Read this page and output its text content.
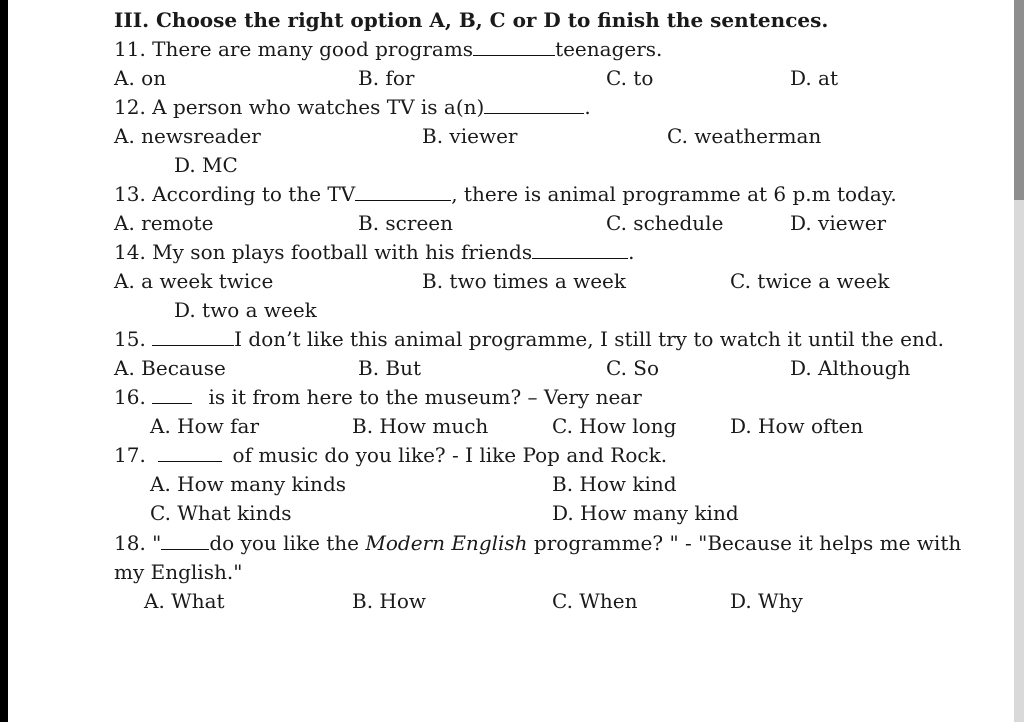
III. Choose the right option A, B, C or D to finish the sentences.
11. There are many good programs	teenagers.
A. on	B. for	C. to	D. at
12. A person who watches TV is a(n)	.
A. newsreader	B. viewer	C. weatherman
D. MC
13. According to the TV	, there is animal programme at 6 p.m today.
A. remote	B. screen	C. schedule	D. viewer
14. My son plays football with his friends	.
A. a week twice	B. two times a week	C. twice a week
D. two a week
15.	I don’t like this animal programme, I still try to watch it until the end.
A. Because	B. But	C. So	D. Although
16.	is it from here to the museum? – Very near
A. How far	B. How much	C. How long	D. How often
17.	of music do you like? - I like Pop and Rock.
A. How many kinds	B. How kind
C. What kinds	D. How many kind
18. " do you like the Modern English programme? " - "Because it helps me with
my English."
A. What	B. How	C. When	D. Why
